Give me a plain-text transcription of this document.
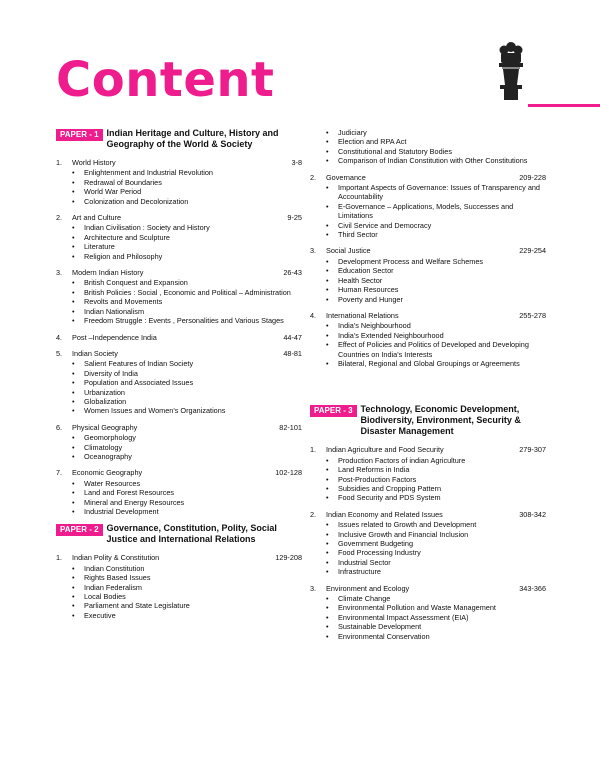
Content
PAPER - 1 Indian Heritage and Culture, History and Geography of the World & Society
1.	World History	3-8
• Enlightenment and Industrial Revolution
• Redrawal of Boundaries
• World War Period
• Colonization and Decolonization
2.	Art and Culture	9-25
• Indian Civilisation : Society and History
• Architecture and Sculpture
• Literature
• Religion and Philosophy
3.	Modern Indian History	26-43
• British Conquest and Expansion
• British Policies : Social , Economic and Political – Administration
• Revolts and Movements
• Indian Nationalism
• Freedom Struggle : Events , Personalities and Various Stages
4.	Post –Independence India	44-47
5.	Indian Society	48-81
• Salient Features of Indian Society
• Diversity of India
• Population and Associated Issues
• Urbanization
• Globalization
• Women Issues and Women's Organizations
6.	Physical Geography	82-101
• Geomorphology
• Climatology
• Oceanography
7.	Economic Geography	102-128
• Water Resources
• Land and Forest Resources
• Mineral and Energy Resources
• Industrial Development
PAPER - 2 Governance, Constitution, Polity, Social Justice and International Relations
1.	Indian Polity & Constitution	129-208
• Indian Constitution
• Rights Based Issues
• Indian Federalism
• Local Bodies
• Parliament and State Legislature
• Executive
• Judiciary
• Election and RPA Act
• Constitutional and Statutory Bodies
• Comparison of Indian Constitution with Other Constitutions
2.	Governance	209-228
• Important Aspects of Governance: Issues of Transparency and Accountability
• E-Governance – Applications, Models, Successes and Limitations
• Civil Service and Democracy
• Third Sector
3.	Social Justice	229-254
• Development Process and Welfare Schemes
• Education Sector
• Health Sector
• Human Resources
• Poverty and Hunger
4.	International Relations	255-278
• India's Neighbourhood
• India's Extended Neighbourhood
• Effect of Policies and Politics of Developed and Developing Countries on India's Interests
• Bilateral, Regional and Global Groupings or Agreements
PAPER - 3 Technology, Economic Development, Biodiversity, Environment, Security & Disaster Management
1.	Indian Agriculture and Food Security	279-307
• Production Factors of indian Agriculture
• Land Reforms in India
• Post-Production Factors
• Subsidies and Cropping Pattern
• Food Security and PDS System
2.	Indian Economy and Related Issues	308-342
• Issues related to Growth and Development
• Inclusive Growth and Financial Inclusion
• Government Budgeting
• Food Processing Industry
• Industrial Sector
• Infrastructure
3.	Environment and Ecology	343-366
• Climate Change
• Environmental Pollution and Waste Management
• Environmental Impact Assessment (EIA)
• Sustainable Development
• Environmental Conservation
